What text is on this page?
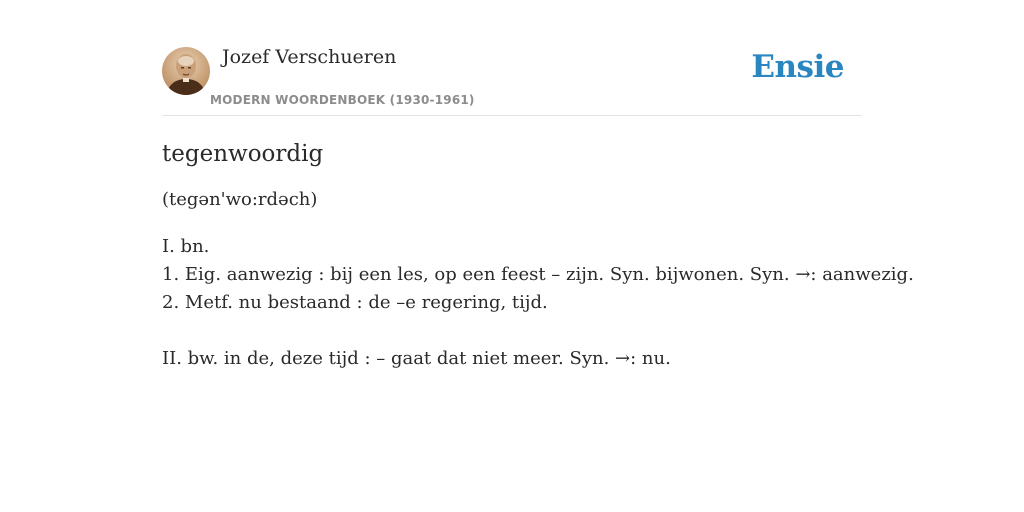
Jozef Verschueren
MODERN WOORDENBOEK (1930-1961)
Ensie
tegenwoordig
(tegən'wo:rdəch)
I. bn.
1. Eig. aanwezig : bij een les, op een feest – zijn. Syn. bijwonen. Syn. →: aanwezig.
2. Metf. nu bestaand : de –e regering, tijd.
II. bw. in de, deze tijd : – gaat dat niet meer. Syn. →: nu.
